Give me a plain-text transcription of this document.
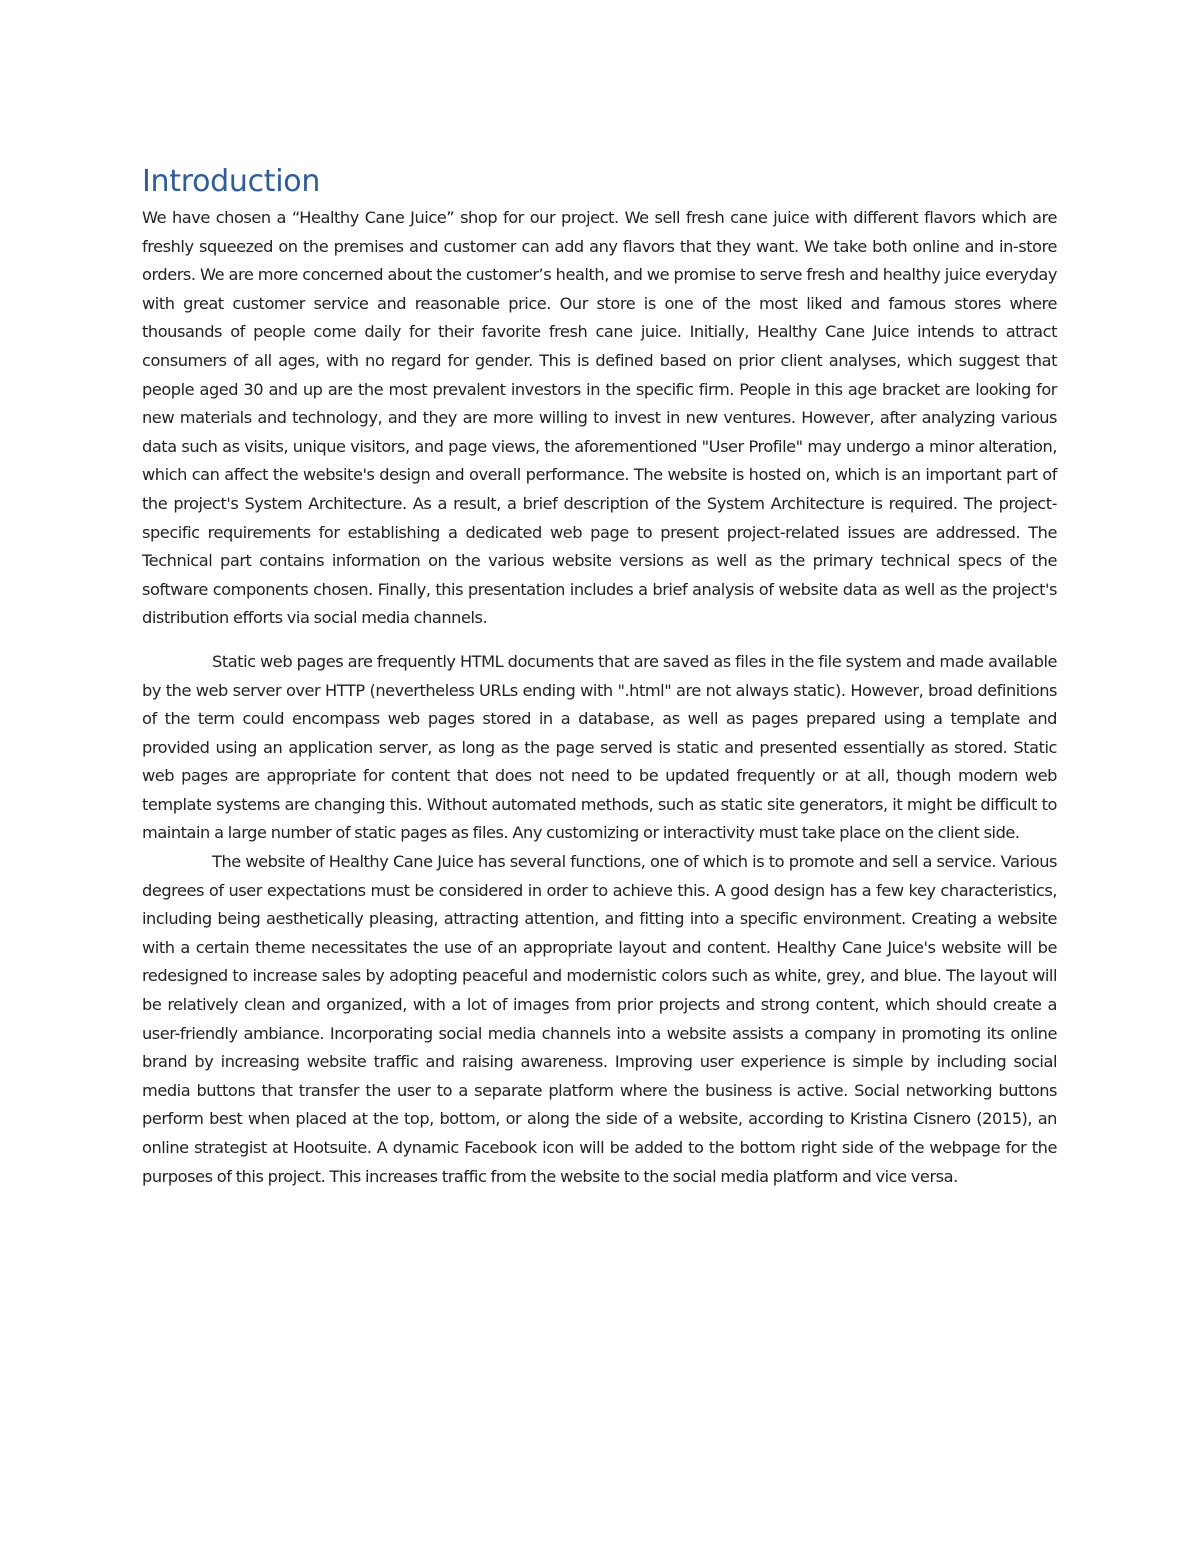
Introduction

We have chosen a “Healthy Cane Juice” shop for our project. We sell fresh cane juice with different flavors which are freshly squeezed on the premises and customer can add any flavors that they want. We take both online and in-store orders. We are more concerned about the customer’s health, and we promise to serve fresh and healthy juice everyday with great customer service and reasonable price. Our store is one of the most liked and famous stores where thousands of people come daily for their favorite fresh cane juice. Initially, Healthy Cane Juice intends to attract consumers of all ages, with no regard for gender. This is defined based on prior client analyses, which suggest that people aged 30 and up are the most prevalent investors in the specific firm. People in this age bracket are looking for new materials and technology, and they are more willing to invest in new ventures. However, after analyzing various data such as visits, unique visitors, and page views, the aforementioned "User Profile" may undergo a minor alteration, which can affect the website's design and overall performance. The website is hosted on, which is an important part of the project's System Architecture. As a result, a brief description of the System Architecture is required. The project-specific requirements for establishing a dedicated web page to present project-related issues are addressed. The Technical part contains information on the various website versions as well as the primary technical specs of the software components chosen. Finally, this presentation includes a brief analysis of website data as well as the project's distribution efforts via social media channels.

Static web pages are frequently HTML documents that are saved as files in the file system and made available by the web server over HTTP (nevertheless URLs ending with ".html" are not always static). However, broad definitions of the term could encompass web pages stored in a database, as well as pages prepared using a template and provided using an application server, as long as the page served is static and presented essentially as stored. Static web pages are appropriate for content that does not need to be updated frequently or at all, though modern web template systems are changing this. Without automated methods, such as static site generators, it might be difficult to maintain a large number of static pages as files. Any customizing or interactivity must take place on the client side.

The website of Healthy Cane Juice has several functions, one of which is to promote and sell a service. Various degrees of user expectations must be considered in order to achieve this. A good design has a few key characteristics, including being aesthetically pleasing, attracting attention, and fitting into a specific environment. Creating a website with a certain theme necessitates the use of an appropriate layout and content. Healthy Cane Juice's website will be redesigned to increase sales by adopting peaceful and modernistic colors such as white, grey, and blue. The layout will be relatively clean and organized, with a lot of images from prior projects and strong content, which should create a user-friendly ambiance. Incorporating social media channels into a website assists a company in promoting its online brand by increasing website traffic and raising awareness. Improving user experience is simple by including social media buttons that transfer the user to a separate platform where the business is active. Social networking buttons perform best when placed at the top, bottom, or along the side of a website, according to Kristina Cisnero (2015), an online strategist at Hootsuite. A dynamic Facebook icon will be added to the bottom right side of the webpage for the purposes of this project. This increases traffic from the website to the social media platform and vice versa.
